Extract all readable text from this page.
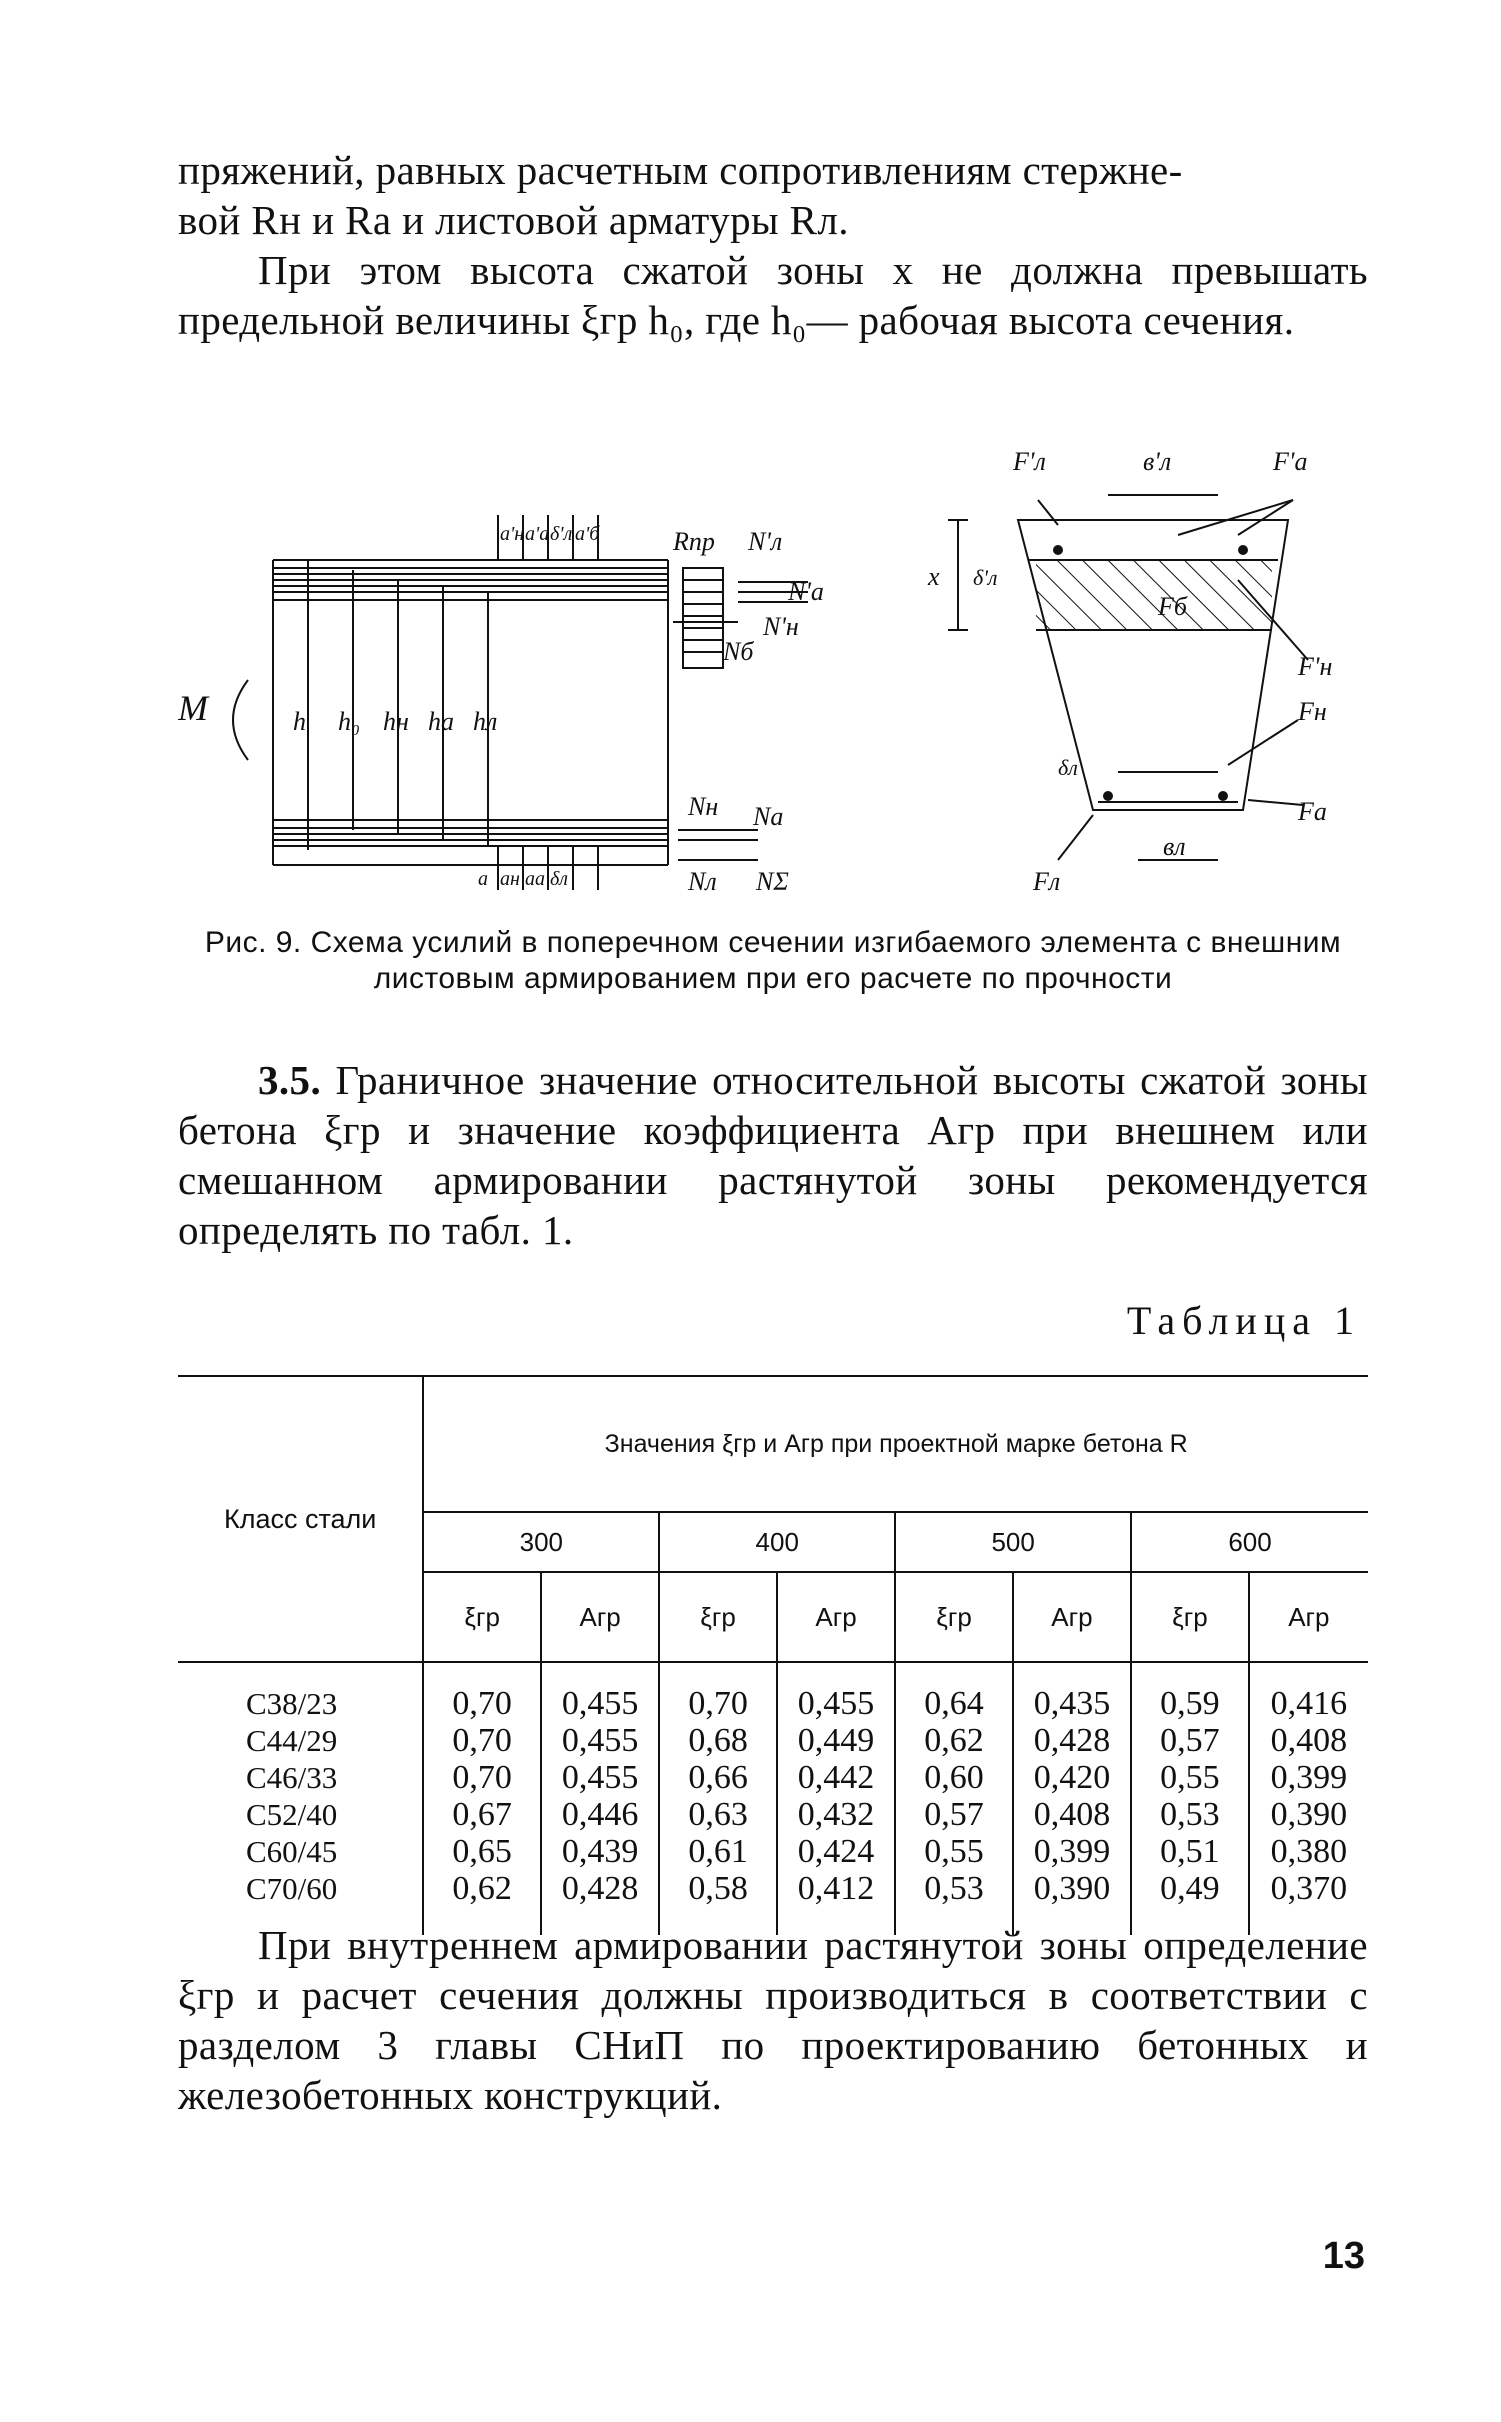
пряжений, равных расчетным сопротивлениям стержне-

вой Rн и Rа и листовой арматуры Rл.

При этом высота сжатой зоны x не должна превышать предельной величины ξгр h₀, где h₀— рабочая высота сечения.

M
Rпр N'л
N'а
N'н
Nб
Nн Nа
Nл NΣ
h h₀ hн hа hл
a'н a'а δ'л a'б
a aн aа δл
F'л	в'л	F'а
x δ'л
Fб
F'н
Fн
δл
Fа
Fл
вл
Рис. 9. Схема усилий в поперечном сечении изгибаемого элемента с внешним листовым армированием при его расчете по прочности
3.5. Граничное значение относительной высоты сжатой зоны бетона ξгр и значение коэффициента Aгр при внешнем или смешанном армировании растянутой зоны рекомендуется определять по табл. 1.
Таблица 1
Класс стали	Значения ξгр и Aгр при проектной марке бетона R							
	300		400		500		600	
	ξгр	Aгр	ξгр	Aгр	ξгр	Aгр	ξгр	Aгр
С38/23	0,70	0,455	0,70	0,455	0,64	0,435	0,59	0,416
С44/29	0,70	0,455	0,68	0,449	0,62	0,428	0,57	0,408
С46/33	0,70	0,455	0,66	0,442	0,60	0,420	0,55	0,399
С52/40	0,67	0,446	0,63	0,432	0,57	0,408	0,53	0,390
С60/45	0,65	0,439	0,61	0,424	0,55	0,399	0,51	0,380
С70/60	0,62	0,428	0,58	0,412	0,53	0,390	0,49	0,370

При внутреннем армировании растянутой зоны определение ξгр и расчет сечения должны производиться в соответствии с разделом 3 главы СНиП по проектированию бетонных и железобетонных конструкций.
13
